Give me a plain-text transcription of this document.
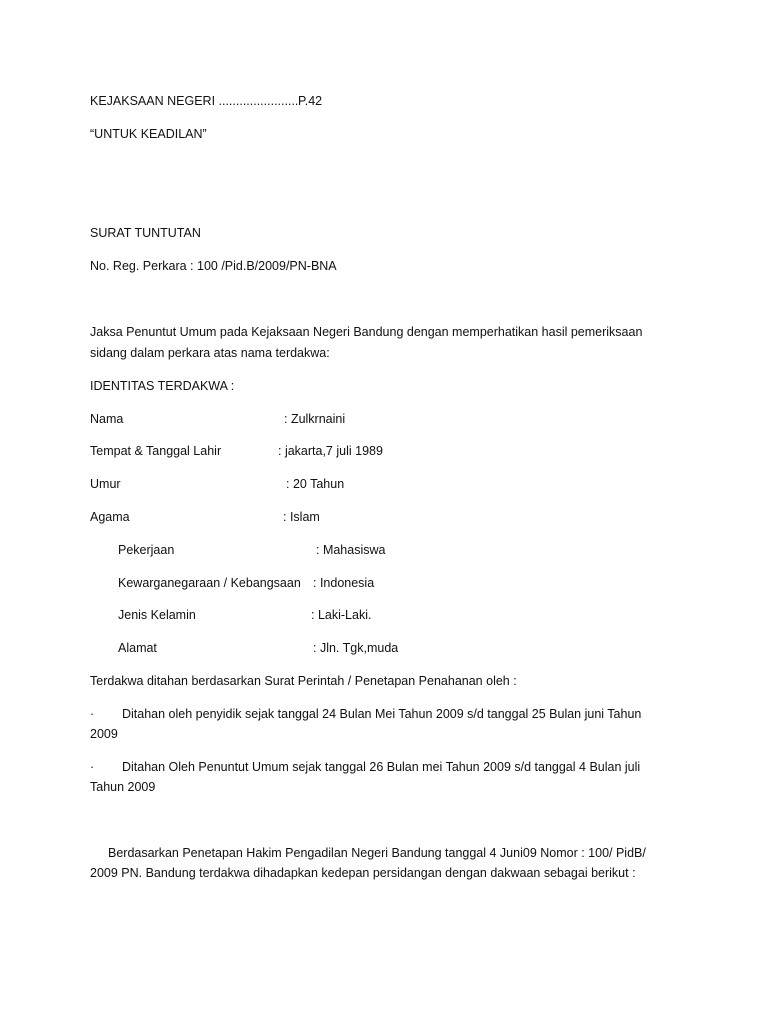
KEJAKSAAN NEGERI ....................... P.42
“UNTUK KEADILAN”
SURAT TUNTUTAN
No. Reg. Perkara : 100 /Pid.B/2009/PN-BNA
Jaksa Penuntut Umum pada Kejaksaan Negeri Bandung dengan memperhatikan hasil pemeriksaan
sidang dalam perkara atas nama terdakwa:
IDENTITAS TERDAKWA :
Nama	: Zulkrnaini
Tempat & Tanggal Lahir	: jakarta,7 juli 1989
Umur	: 20 Tahun
Agama	: Islam
Pekerjaan	: Mahasiswa
Kewarganegaraan / Kebangsaan : Indonesia
Jenis Kelamin	: Laki-Laki.
Alamat	: Jln. Tgk,muda
Terdakwa ditahan berdasarkan Surat Perintah / Penetapan Penahanan oleh :
· Ditahan oleh penyidik sejak tanggal 24 Bulan Mei Tahun 2009 s/d tanggal 25 Bulan juni Tahun
2009
· Ditahan Oleh Penuntut Umum sejak tanggal 26 Bulan mei Tahun 2009 s/d tanggal 4 Bulan juli
Tahun 2009
Berdasarkan Penetapan Hakim Pengadilan Negeri Bandung tanggal 4 Juni09 Nomor : 100/ PidB/
2009 PN. Bandung terdakwa dihadapkan kedepan persidangan dengan dakwaan sebagai berikut :
